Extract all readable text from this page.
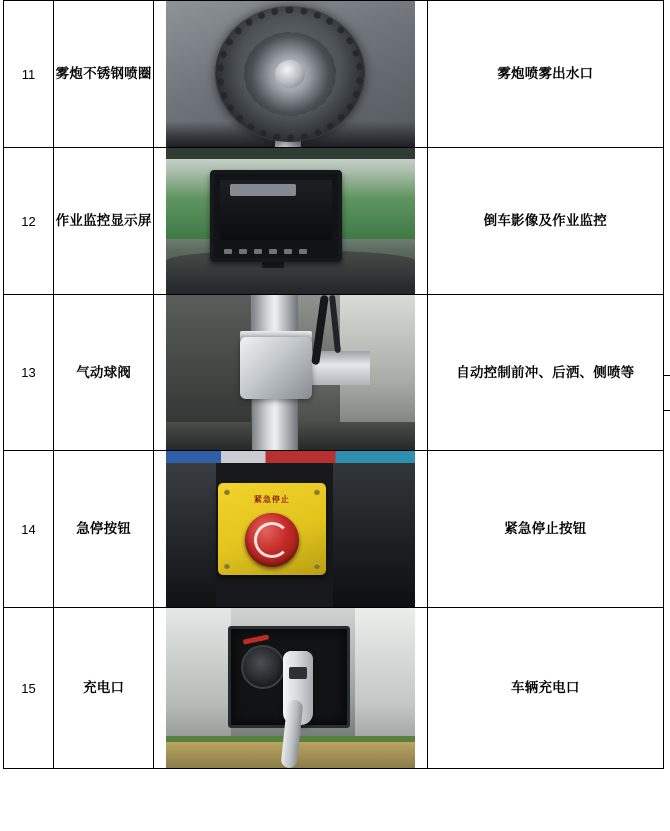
11	雾炮不锈钢喷圈		雾炮喷雾出水口
12	作业监控显示屏		倒车影像及作业监控
13	气动球阀		自动控制前冲、后洒、侧喷等
14	急停按钮	紧急停止	紧急停止按钮
15	充电口		车辆充电口
